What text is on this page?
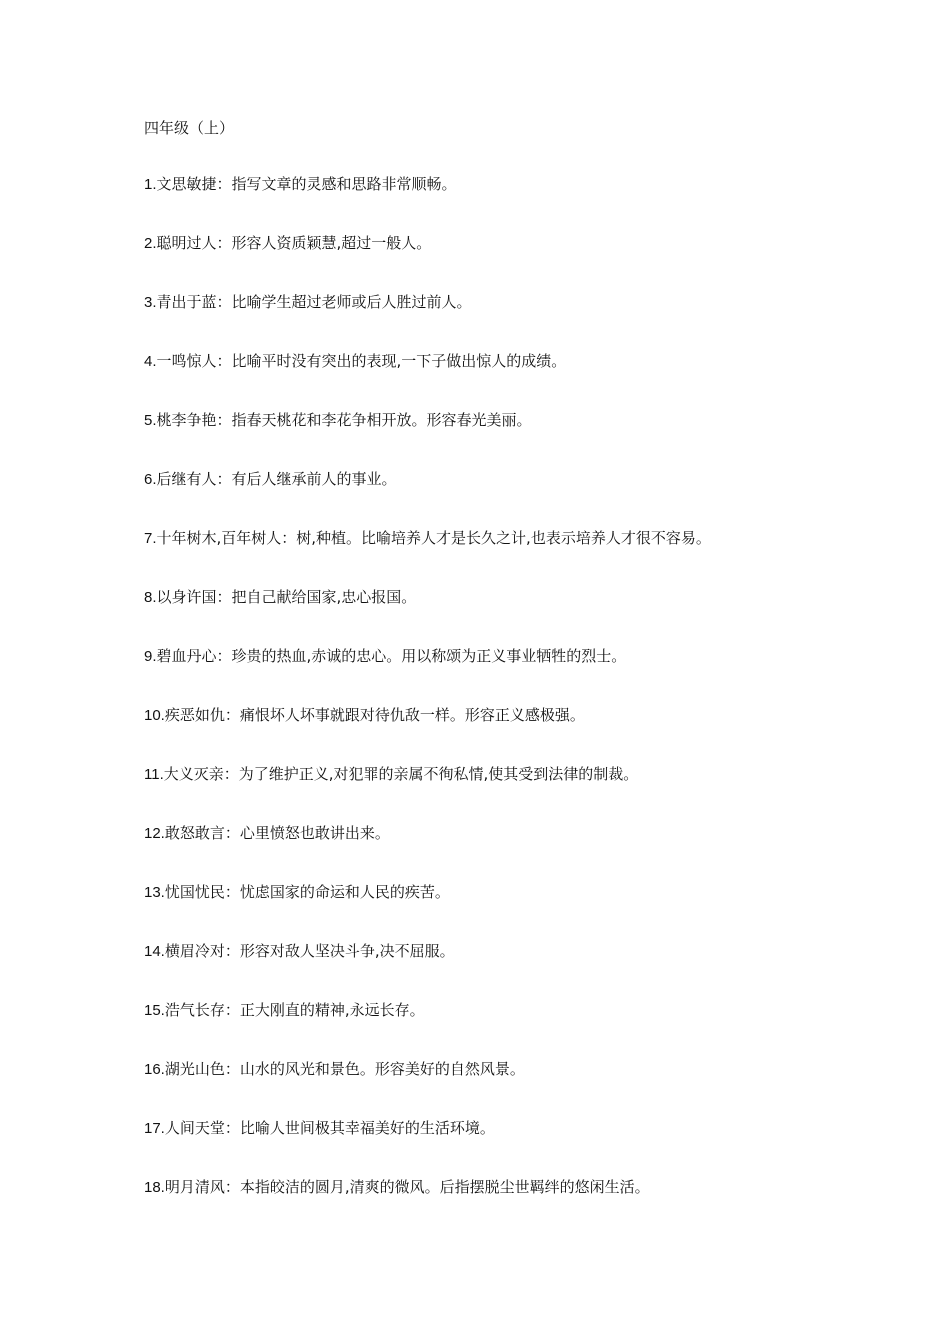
四年级（上）
1.文思敏捷：指写文章的灵感和思路非常顺畅。
2.聪明过人：形容人资质颖慧,超过一般人。
3.青出于蓝：比喻学生超过老师或后人胜过前人。
4.一鸣惊人：比喻平时没有突出的表现,一下子做出惊人的成绩。
5.桃李争艳：指春天桃花和李花争相开放。形容春光美丽。
6.后继有人：有后人继承前人的事业。
7.十年树木,百年树人：树,种植。比喻培养人才是长久之计,也表示培养人才很不容易。
8.以身许国：把自己献给国家,忠心报国。
9.碧血丹心：珍贵的热血,赤诚的忠心。用以称颂为正义事业牺牲的烈士。
10.疾恶如仇：痛恨坏人坏事就跟对待仇敌一样。形容正义感极强。
11.大义灭亲：为了维护正义,对犯罪的亲属不徇私情,使其受到法律的制裁。
12.敢怒敢言：心里愤怒也敢讲出来。
13.忧国忧民：忧虑国家的命运和人民的疾苦。
14.横眉冷对：形容对敌人坚决斗争,决不屈服。
15.浩气长存：正大刚直的精神,永远长存。
16.湖光山色：山水的风光和景色。形容美好的自然风景。
17.人间天堂：比喻人世间极其幸福美好的生活环境。
18.明月清风：本指皎洁的圆月,清爽的微风。后指摆脱尘世羁绊的悠闲生活。
